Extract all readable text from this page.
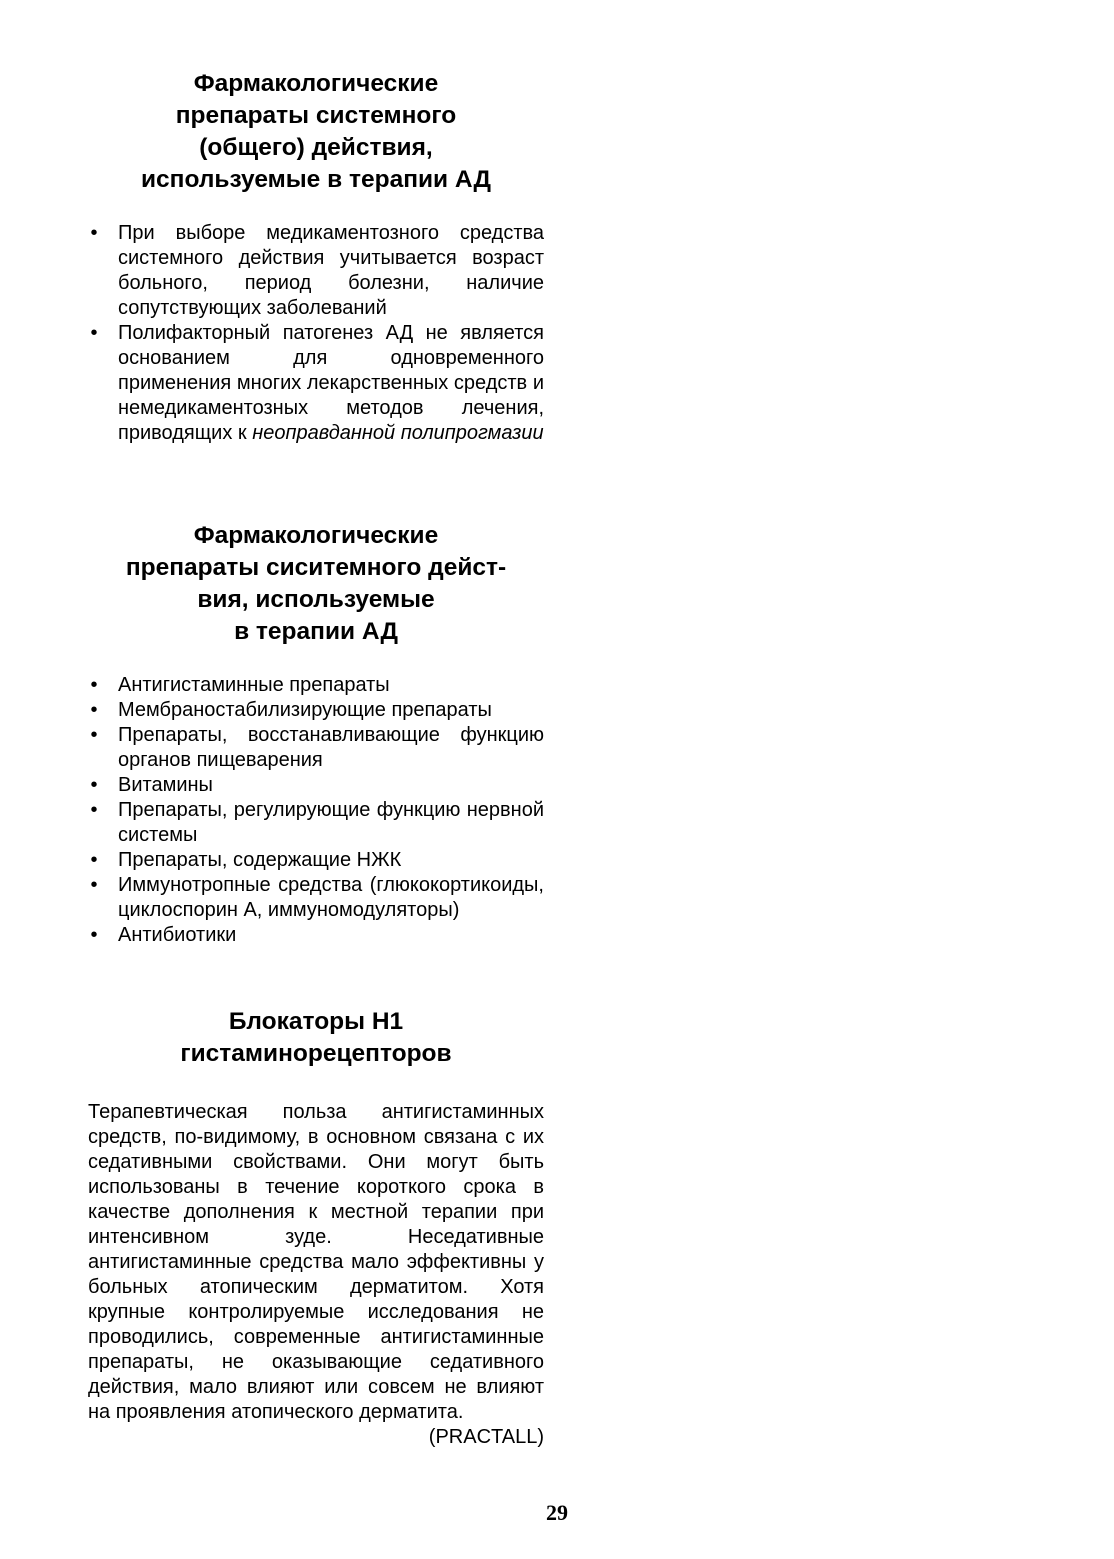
Фармакологические
препараты системного
(общего) действия,
используемые в терапии АД
• При выборе медикаментозного средства системного действия учитывается возраст больного, период болезни, наличие сопутствующих заболеваний
• Полифакторный патогенез АД не является основанием для одновременного применения многих лекарственных средств и немедикаментозных методов лечения, приводящих к неоправданной полипрогмазии
Фармакологические
препараты сиситемного дейст-
вия, используемые
в терапии АД
• Антигистаминные препараты
• Мембраностабилизирующие препараты
• Препараты, восстанавливающие функцию органов пищеварения
• Витамины
• Препараты, регулирующие функцию нервной системы
• Препараты, содержащие НЖК
• Иммунотропные средства (глюкокортикоиды, циклоспорин А, иммуномодуляторы)
• Антибиотики
Блокаторы Н1
гистаминорецепторов

Терапевтическая польза антигистаминных средств, по-видимому, в основном связана с их седативными свойствами. Они могут быть использованы в течение короткого срока в качестве дополнения к местной терапии при интенсивном зуде. Неседативные антигистаминные средства мало эффективны у больных атопическим дерматитом. Хотя крупные контролируемые исследования не проводились, современные антигистаминные препараты, не оказывающие седативного действия, мало влияют или совсем не влияют на проявления атопического дерматита.

(PRACTALL)

29
